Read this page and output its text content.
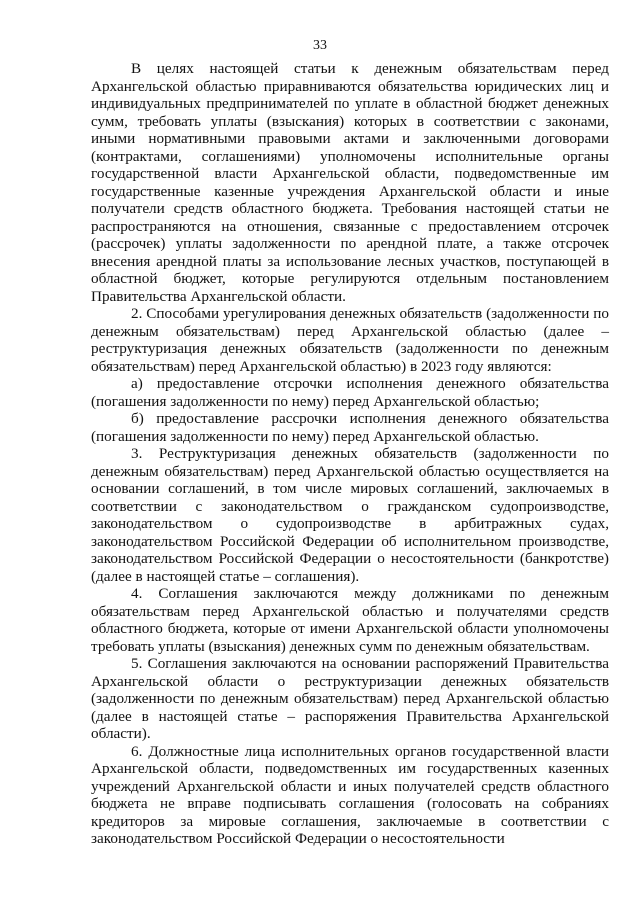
33

В целях настоящей статьи к денежным обязательствам перед Архангельской областью приравниваются обязательства юридических лиц и индивидуальных предпринимателей по уплате в областной бюджет денежных сумм, требовать уплаты (взыскания) которых в соответствии с законами, иными нормативными правовыми актами и заключенными договорами (контрактами, соглашениями) уполномочены исполнительные органы государственной власти Архангельской области, подведомственные им государственные казенные учреждения Архангельской области и иные получатели средств областного бюджета. Требования настоящей статьи не распространяются на отношения, связанные с предоставлением отсрочек (рассрочек) уплаты задолженности по арендной плате, а также отсрочек внесения арендной платы за использование лесных участков, поступающей в областной бюджет, которые регулируются отдельным постановлением Правительства Архангельской области.

2. Способами урегулирования денежных обязательств (задолженности по денежным обязательствам) перед Архангельской областью (далее – реструктуризация денежных обязательств (задолженности по денежным обязательствам) перед Архангельской областью) в 2023 году являются:

а) предоставление отсрочки исполнения денежного обязательства (погашения задолженности по нему) перед Архангельской областью;

б) предоставление рассрочки исполнения денежного обязательства (погашения задолженности по нему) перед Архангельской областью.

3. Реструктуризация денежных обязательств (задолженности по денежным обязательствам) перед Архангельской областью осуществляется на основании соглашений, в том числе мировых соглашений, заключаемых в соответствии с законодательством о гражданском судопроизводстве, законодательством о судопроизводстве в арбитражных судах, законодательством Российской Федерации об исполнительном производстве, законодательством Российской Федерации о несостоятельности (банкротстве) (далее в настоящей статье – соглашения).

4. Соглашения заключаются между должниками по денежным обязательствам перед Архангельской областью и получателями средств областного бюджета, которые от имени Архангельской области уполномочены требовать уплаты (взыскания) денежных сумм по денежным обязательствам.

5. Соглашения заключаются на основании распоряжений Правительства Архангельской области о реструктуризации денежных обязательств (задолженности по денежным обязательствам) перед Архангельской областью (далее в настоящей статье – распоряжения Правительства Архангельской области).

6. Должностные лица исполнительных органов государственной власти Архангельской области, подведомственных им государственных казенных учреждений Архангельской области и иных получателей средств областного бюджета не вправе подписывать соглашения (голосовать на собраниях кредиторов за мировые соглашения, заключаемые в соответствии с законодательством Российской Федерации о несостоятельности
